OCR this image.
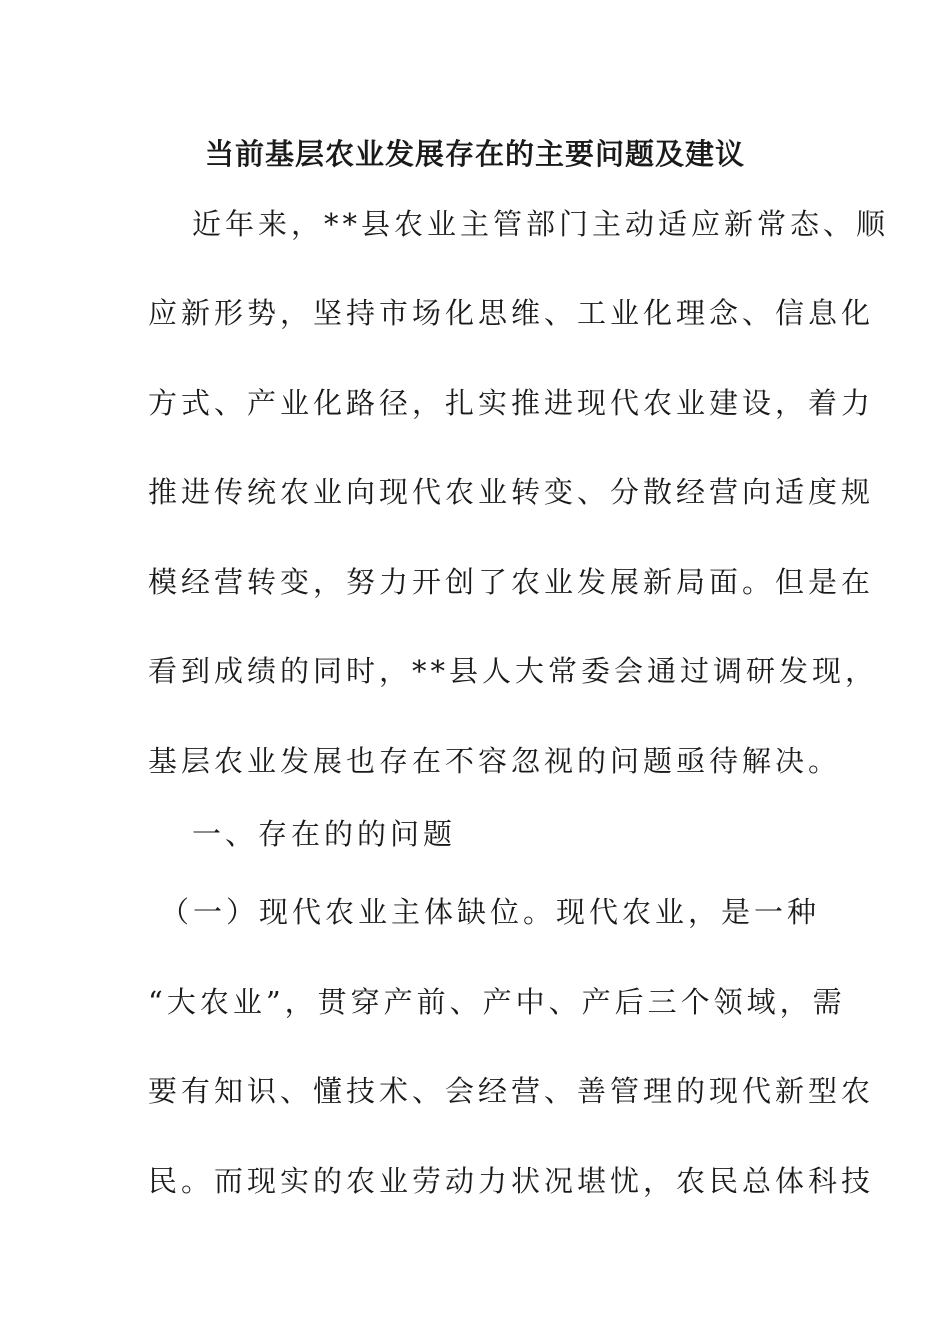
当前基层农业发展存在的主要问题及建议
近年来，**县农业主管部门主动适应新常态、顺
应新形势，坚持市场化思维、工业化理念、信息化
方式、产业化路径，扎实推进现代农业建设，着力
推进传统农业向现代农业转变、分散经营向适度规
模经营转变，努力开创了农业发展新局面。但是在
看到成绩的同时，**县人大常委会通过调研发现，
基层农业发展也存在不容忽视的问题亟待解决。
一、存在的的问题
（一）现代农业主体缺位。现代农业，是一种
“大农业”，贯穿产前、产中、产后三个领域，需
要有知识、懂技术、会经营、善管理的现代新型农
民。而现实的农业劳动力状况堪忧，农民总体科技
